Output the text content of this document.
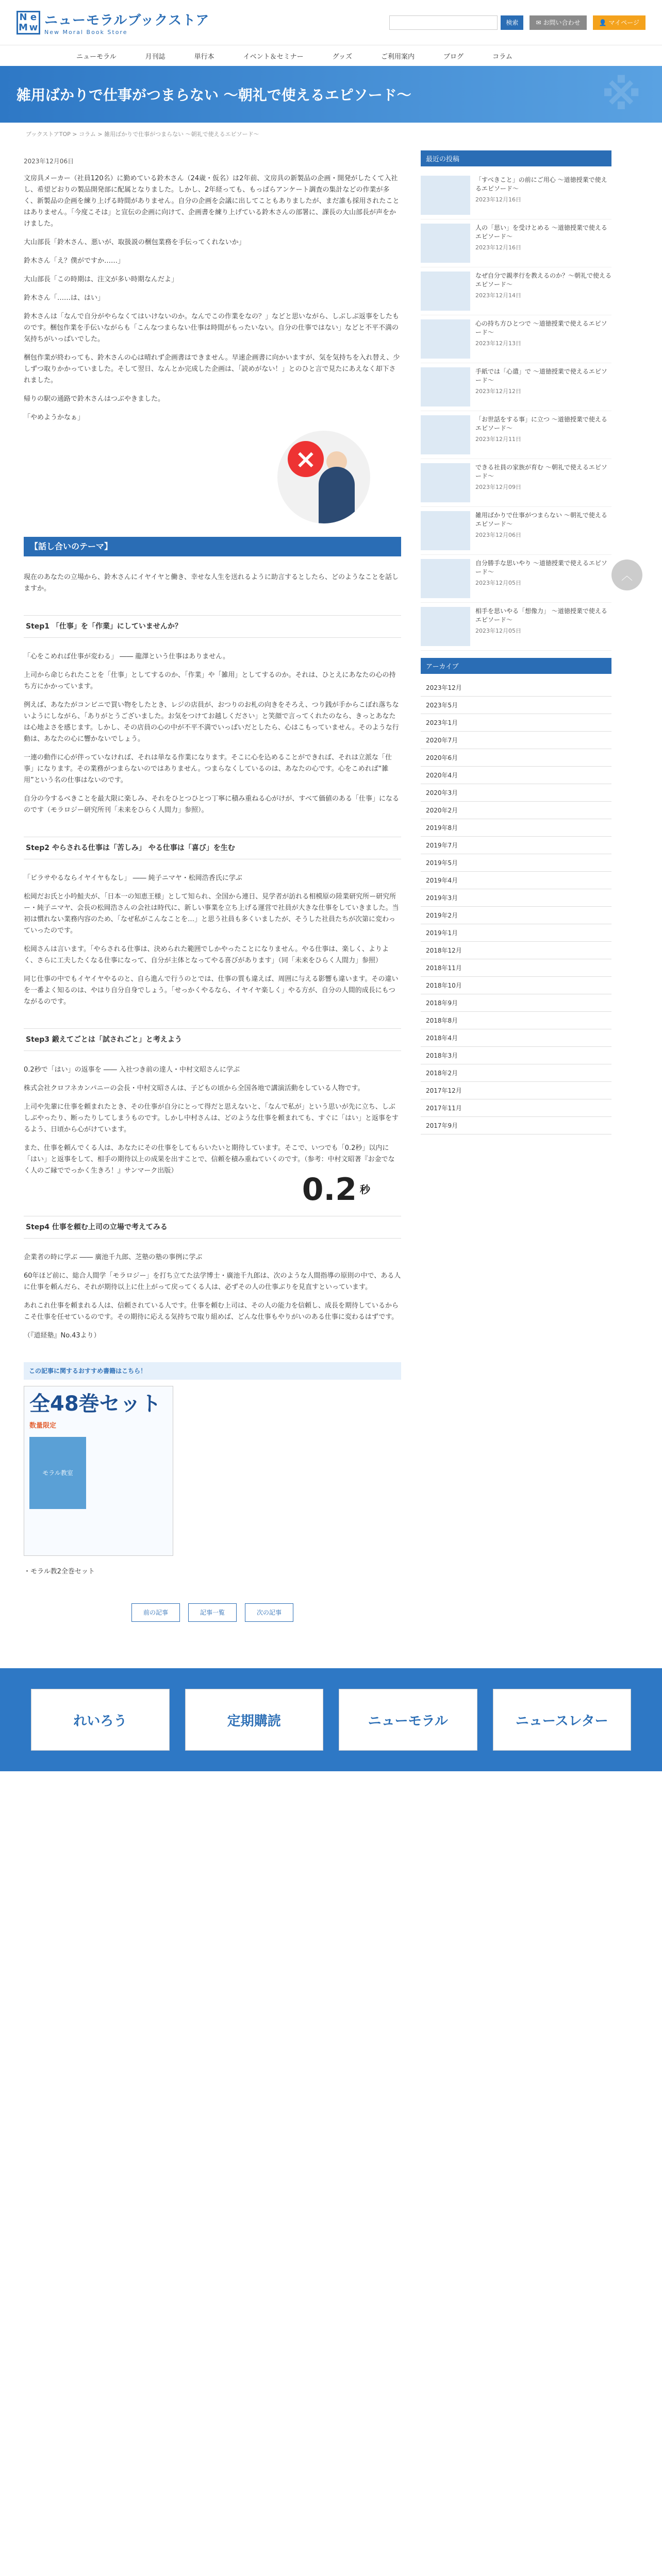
N e
M w ニューモラルブックストア
New Moral Book Store
検索	✉ お問い合わせ	👤 マイページ
ニューモラル	月刊誌	単行本	イベント＆セミナー	グッズ	ご利用案内	ブログ	コラム
雑用ばかりで仕事がつまらない ～朝礼で使えるエピソード～	※
ブックストアTOP > コラム > 雑用ばかりで仕事がつまらない ～朝礼で使えるエピソード～
2023年12月06日

文房具メーカー（社員120名）に勤めている鈴木さん（24歳・仮名）は2年前、文房具の新製品の企画・開発がしたくて入社し、希望どおりの製品開発部に配属となりました。しかし、2年経っても、もっぱらアンケート調査の集計などの作業が多く、新製品の企画を練り上げる時間がありません。自分の企画を会議に出してこともありましたが、まだ誰も採用されたことはありません。「今度こそは」と宣伝の企画に向けて、企画書を練り上げている鈴木さんの部署に、課長の大山部長が声をかけました。

大山部長「鈴木さん、悪いが、取扱説の梱包業務を手伝ってくれないか」

鈴木さん「え？僕がですか……」

大山部長「この時期は、注文が多い時期なんだよ」

鈴木さん「……は、はい」

鈴木さんは「なんで自分がやらなくてはいけないのか。なんでこの作業をなの？」などと思いながら、しぶしぶ返事をしたものです。梱包作業を手伝いながらも「こんなつまらない仕事は時間がもったいない。自分の仕事ではない」などと不平不満の気持ちがいっぱいでした。

梱包作業が終わっても、鈴木さんの心は晴れず企画書はできません。早速企画書に向かいますが、気を気持ちを入れ替え、少しずつ取りかかっていました。そして翌日、なんとか完成した企画は、「読めがない！」とのひと言で見たにあえなく却下されました。

帰りの駅の通路で鈴木さんはつぶやきました。

「やめようかなぁ」

×
【話し合いのテーマ】

現在のあなたの立場から、鈴木さんにイヤイヤと働き、幸せな人生を送れるように助言するとしたら、どのようなことを話しますか。

Step1 「仕事」を「作業」にしていませんか？

「心をこめれば仕事が変わる」 ―― 龍澤という仕事はありません。

上司から命じられたことを「仕事」としてするのか、「作業」や「雑用」としてするのか。それは、ひとえにあなたの心の持ち方にかかっています。

例えば、あなたがコンビニで買い物をしたとき、レジの店員が、おつりのお札の向きをそろえ、つり銭が手からこぼれ落ちないようにしながら、「ありがとうございました。お気をつけてお越しください」と笑顔で言ってくれたのなら、きっとあなたは心地よさを感じます。しかし、その店員の心の中が不平不満でいっぱいだとしたら、心はこもっていません。そのような行動は、あなたの心に響かないでしょう。

一連の動作に心が伴っていなければ、それは単なる作業になります。そこに心を込めることができれば、それは立派な「仕事」になります。その業務がつまらないのではありません。つまらなくしているのは、あなたの心です。心をこめれば“雑用”という名の仕事はないのです。

自分の今するべきことを最大限に楽しみ、それをひとつひとつ丁寧に積み重ねる心がけが、すべて価値のある「仕事」になるのです（モラロジー研究所刊「未来をひらく人間力」参照）。

Step2 やらされる仕事は「苦しみ」 やる仕事は「喜び」を生む

「ピラサやるならイヤイヤもなし」 ―― 純子ニマヤ・松岡浩香氏に学ぶ

松岡だお氏と小吟鮭夫が、「日本一の知恵王様」として知られ、全国から連日、見学者が訪れる相模原の陸業研究所ー研究所ー・純子ニマヤ、会長の松岡浩さんの会社は時代に、新しい事業を立ち上げる運営で社員が大きな仕事をしていきました。当初は慣れない業務内容のため、「なぜ私がこんなことを…」と思う社員も多くいましたが、そうした社員たちが次第に変わっていったのです。

松岡さんは言います。「やらされる仕事は、決められた範囲でしかやったことになりません。やる仕事は、楽しく、よりよく、さらに工夫したくなる仕事になって、自分が主体となってやる喜びがあります」（同「未来をひらく人間力」参照）

同じ仕事の中でもイヤイヤやるのと、自ら進んで行うのとでは、仕事の質も違えば、周囲に与える影響も違います。その違いを一番よく知るのは、やはり自分自身でしょう。「せっかくやるなら、イヤイヤ楽しく」やる方が、自分の人間的成長にもつながるのです。

Step3 鍛えてごとは「試されごと」と考えよう

0.2秒で「はい」の返事を ―― 入社つき前の達人・中村文昭さんに学ぶ

株式会社クロフネカンパニーの会長・中村文昭さんは、子どもの頃から全国各地で講演活動をしている人物です。

上司や先輩に仕事を頼まれたとき、その仕事が自分にとって得だと思えないと、「なんで私が」という思いが先に立ち、しぶしぶやったり、断ったりしてしまうものです。しかし中村さんは、どのような仕事を頼まれても、すぐに「はい」と返事をするよう、日頃から心がけています。

また、仕事を頼んでくる人は、あなたにその仕事をしてもらいたいと期待しています。そこで、いつでも「0.2秒」以内に「はい」と返事をして、相手の期待以上の成果を出すことで、信頼を積み重ねていくのです。（参考：中村文昭著『お金でなく人のご縁ででっかく生きろ！』サンマーク出版）

0.2 秒
Step4 仕事を頼む上司の立場で考えてみる

企業者の時に学ぶ ―― 廣池千九郎、芝塾の塾の事例に学ぶ

60年ほど前に、総合人間学「モラロジー」を打ち立てた法学博士・廣池千九郎は、次のような人間指導の原則の中で、ある人に仕事を頼んだら、それが期待以上に仕上がって戻ってくる人は、必ずその人の仕事ぶりを見直すといっています。

あれこれ仕事を頼まれる人は、信頼されている人です。仕事を頼む上司は、その人の能力を信頼し、成長を期待しているからこそ仕事を任せているのです。その期待に応える気持ちで取り組めば、どんな仕事もやりがいのある仕事に変わるはずです。

（『道経塾』No.43より）

この記事に関するおすすめ書籍はこちら！
全48巻セット
数量限定
モラル教室

・モラル教2全巻セット

前の記事	記事一覧	次の記事
最近の投稿
「すべきこと」の前にご用心 ～道徳授業で使えるエピソード～
2023年12月16日
人の「思い」を受けとめる ～道徳授業で使えるエピソード～
2023年12月16日
なぜ自分で親孝行を教えるのか？～朝礼で使えるエピソード～
2023年12月14日
心の持ち方ひとつで ～道徳授業で使えるエピソード～
2023年12月13日
手紙では「心遣」で ～道徳授業で使えるエピソード～
2023年12月12日
「お世話をする事」に立つ ～道徳授業で使えるエピソード～
2023年12月11日
できる社員の家族が育む ～朝礼で使えるエピソード～
2023年12月09日
雑用ばかりで仕事がつまらない ～朝礼で使えるエピソード～
2023年12月06日
自分勝手な思いやり ～道徳授業で使えるエピソード～
2023年12月05日
相手を思いやる「想像力」 ～道徳授業で使えるエピソード～
2023年12月05日
アーカイブ
2023年12月
2023年5月
2023年1月
2020年7月
2020年6月
2020年4月
2020年3月
2020年2月
2019年8月
2019年7月
2019年5月
2019年4月
2019年3月
2019年2月
2019年1月
2018年12月
2018年11月
2018年10月
2018年9月
2018年8月
2018年4月
2018年3月
2018年2月
2017年12月
2017年11月
2017年9月
れいろう	定期購読	ニューモラル	ニュースレター
︿
